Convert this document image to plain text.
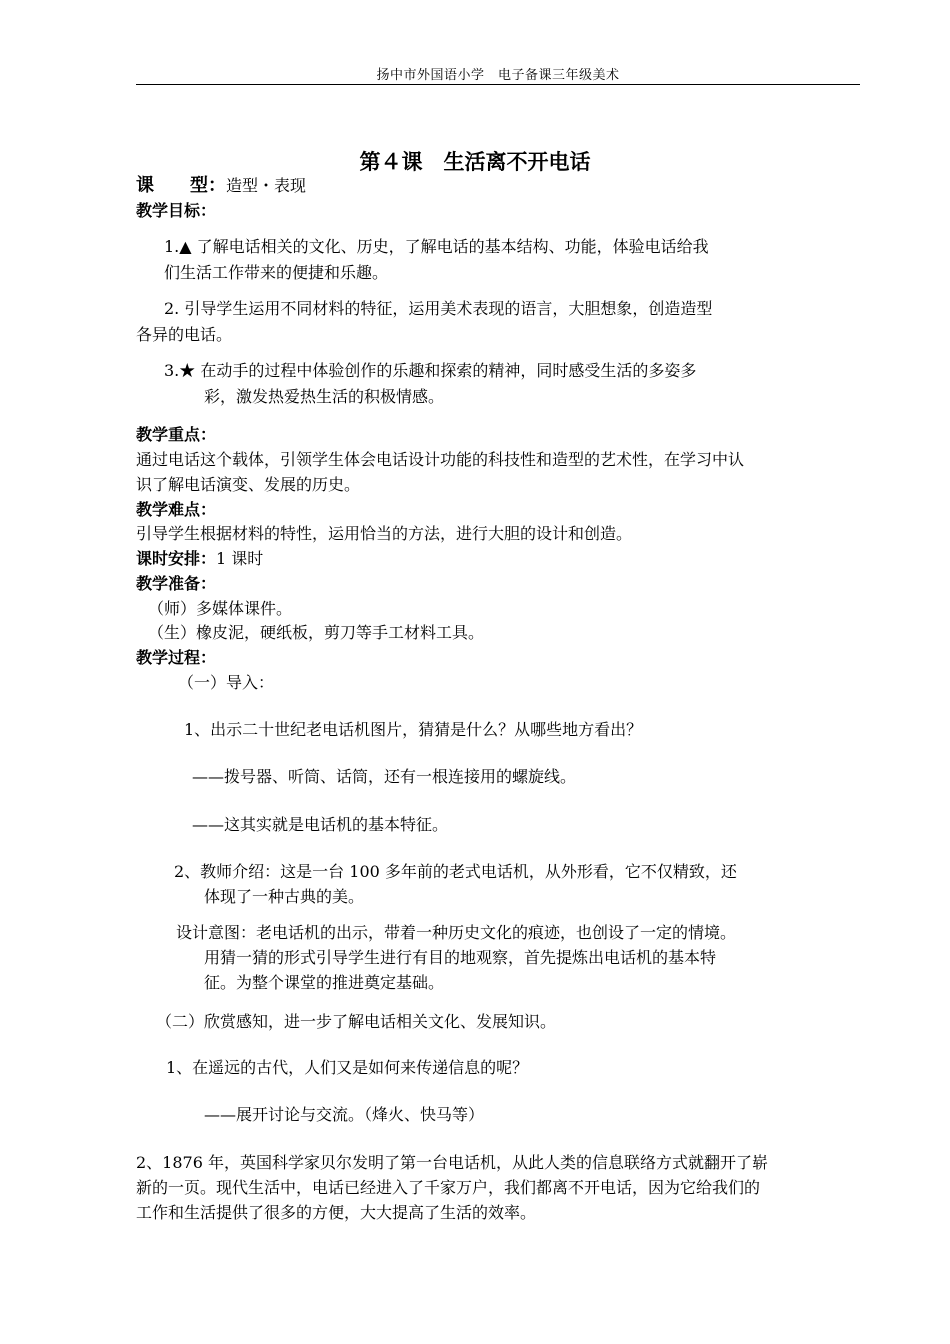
扬中市外国语小学　电子备课三年级美术
第４课　生活离不开电话
课　　型：造型・表现
教学目标：
1.▲ 了解电话相关的文化、历史，了解电话的基本结构、功能，体验电话给我
们生活工作带来的便捷和乐趣。
2. 引导学生运用不同材料的特征，运用美术表现的语言，大胆想象，创造造型
各异的电话。
3.★ 在动手的过程中体验创作的乐趣和探索的精神，同时感受生活的多姿多
彩，激发热爱热生活的积极情感。
教学重点：
通过电话这个载体，引领学生体会电话设计功能的科技性和造型的艺术性，在学习中认
识了解电话演变、发展的历史。
教学难点：
引导学生根据材料的特性，运用恰当的方法，进行大胆的设计和创造。
课时安排：1 课时
教学准备：
（师）多媒体课件。
（生）橡皮泥，硬纸板，剪刀等手工材料工具。
教学过程：
（一）导入：
1、出示二十世纪老电话机图片，猜猜是什么？从哪些地方看出？
——拨号器、听筒、话筒，还有一根连接用的螺旋线。
——这其实就是电话机的基本特征。
2、教师介绍：这是一台 100 多年前的老式电话机，从外形看，它不仅精致，还
体现了一种古典的美。
设计意图：老电话机的出示，带着一种历史文化的痕迹，也创设了一定的情境。
用猜一猜的形式引导学生进行有目的地观察，首先提炼出电话机的基本特
征。为整个课堂的推进奠定基础。
（二）欣赏感知，进一步了解电话相关文化、发展知识。
1、在遥远的古代，人们又是如何来传递信息的呢？
——展开讨论与交流。（烽火、快马等）
2、1876 年，英国科学家贝尔发明了第一台电话机，从此人类的信息联络方式就翻开了崭
新的一页。现代生活中，电话已经进入了千家万户，我们都离不开电话，因为它给我们的
工作和生活提供了很多的方便，大大提高了生活的效率。
